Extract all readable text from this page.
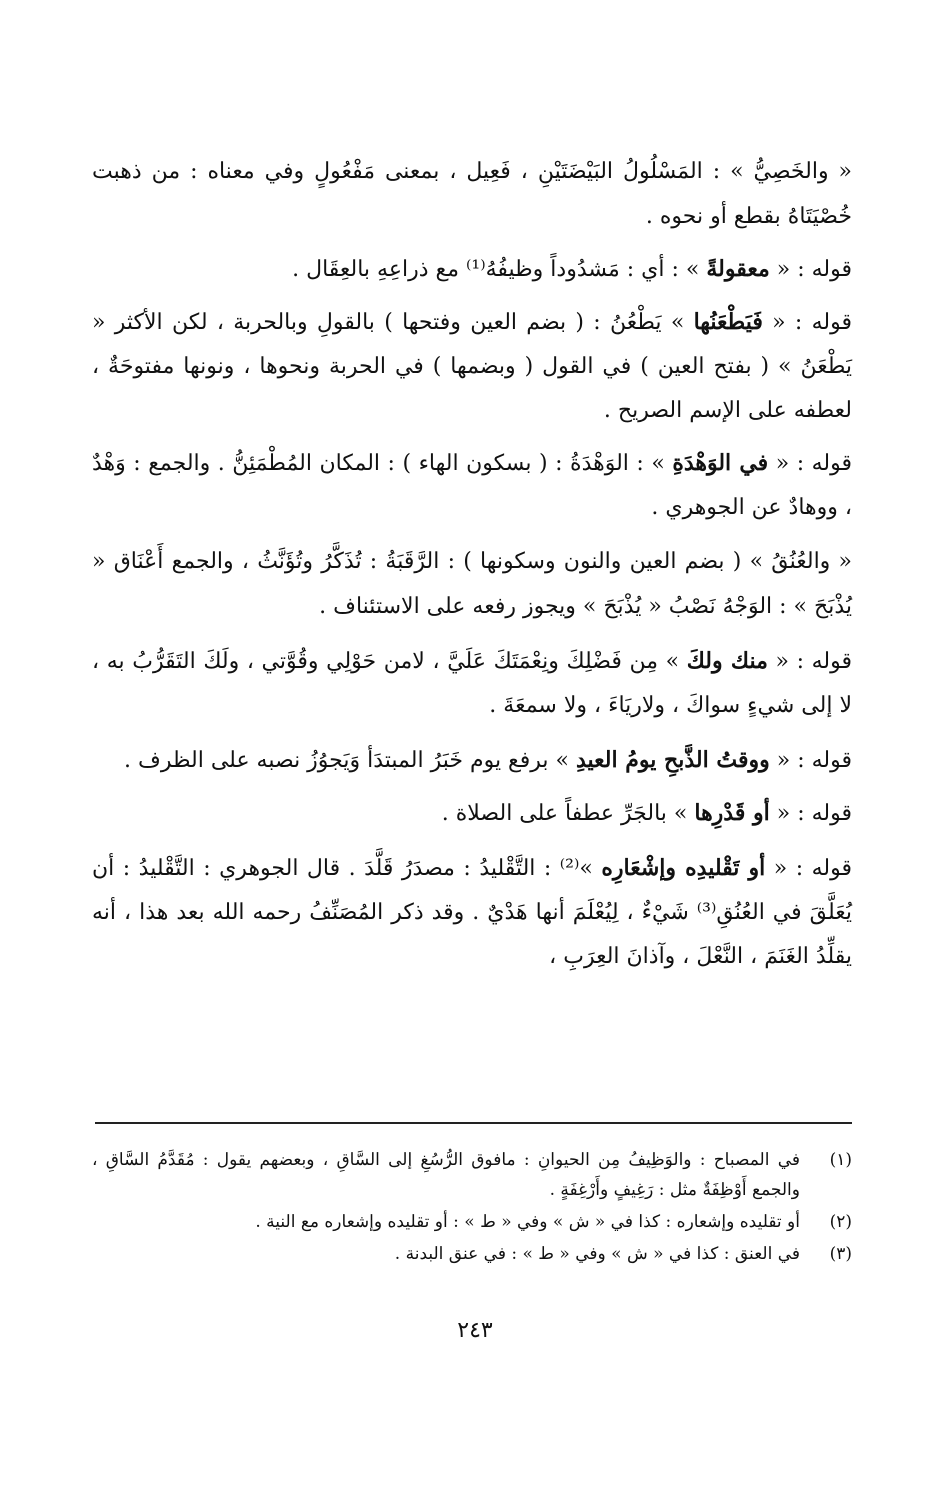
« والخَصِيُّ » : المَسْلُولُ البَيْضَتَيْنِ ، فَعِيل ، بمعنى مَفْعُولٍ وفي معناه : من ذهبت خُصْيَتَاهُ بقطع أو نحوه .

قوله : « معقولةً » : أي : مَشدُوداً وظيفُهُ⁽¹⁾ مع ذراعِهِ بالعِقَال .

قوله : « فَيَطْعَنُها » يَطْعُنُ : ( بضم العين وفتحها ) بالقولِ وبالحربة ، لكن الأكثر « يَطْعَنُ » ( بفتح العين ) في القول ( وبضمها ) في الحربة ونحوها ، ونونها مفتوحَةٌ ، لعطفه على الإسم الصريح .

قوله : « في الوَهْدَةِ » : الوَهْدَةُ : ( بسكون الهاء ) : المكان المُطْمَئِنُّ . والجمع : وَهْدٌ ، ووهادٌ عن الجوهري .

« والعُنُقُ » ( بضم العين والنون وسكونها ) : الرَّقَبَةُ : تُذَكَّرُ وتُؤَنَّثُ ، والجمع أَعْنَاق « يُذْبَحَ » : الوَجْهُ نَصْبُ « يُذْبَحَ » ويجوز رفعه على الاستئناف .

قوله : « منك ولكَ » مِن فَضْلِكَ ونِعْمَتَكَ عَلَيَّ ، لامن حَوْلِي وقُوَّتي ، ولَكَ التَقَرُّبُ به ، لا إلى شيءٍ سواكَ ، ولاريَاءَ ، ولا سمعَةَ .

قوله : « ووقتُ الذَّبحِ يومُ العيدِ » برفع يوم خَبَرُ المبتدَأ وَيَجوُزُ نصبه على الظرف .

قوله : « أو قَدْرِها » بالجَرِّ عطفاً على الصلاة .

قوله : « أو تَقْليدِه وإشْعَارِه »⁽²⁾ : التَّقْليدُ : مصدَرُ قَلَّدَ . قال الجوهري : التَّقْليدُ : أن يُعَلَّقَ في العُنُقِ⁽³⁾ شَيْءٌ ، لِيُعْلَمَ أنها هَدْيٌ . وقد ذكر المُصَنِّفُ رحمه الله بعد هذا ، أنه يقلِّدُ الغَنَمَ ، النَّعْلَ ، وآذانَ العِرَبِ ،

(١)
في المصباح : والوَظِيفُ مِن الحيوانِ : مافوق الرُّسُغِ إلى السَّاقِ ، وبعضهم يقول : مُقَدَّمُ السَّاقِ ، والجمع أَوْظِفَةٌ مثل : رَغِيفٍ وأَرْغِفَةٍ .
(٢)
أو تقليده وإشعاره : كذا في « ش » وفي « ط » : أو تقليده وإشعاره مع النية .
(٣)
في العنق : كذا في « ش » وفي « ط » : في عنق البدنة .
٢٤٣
